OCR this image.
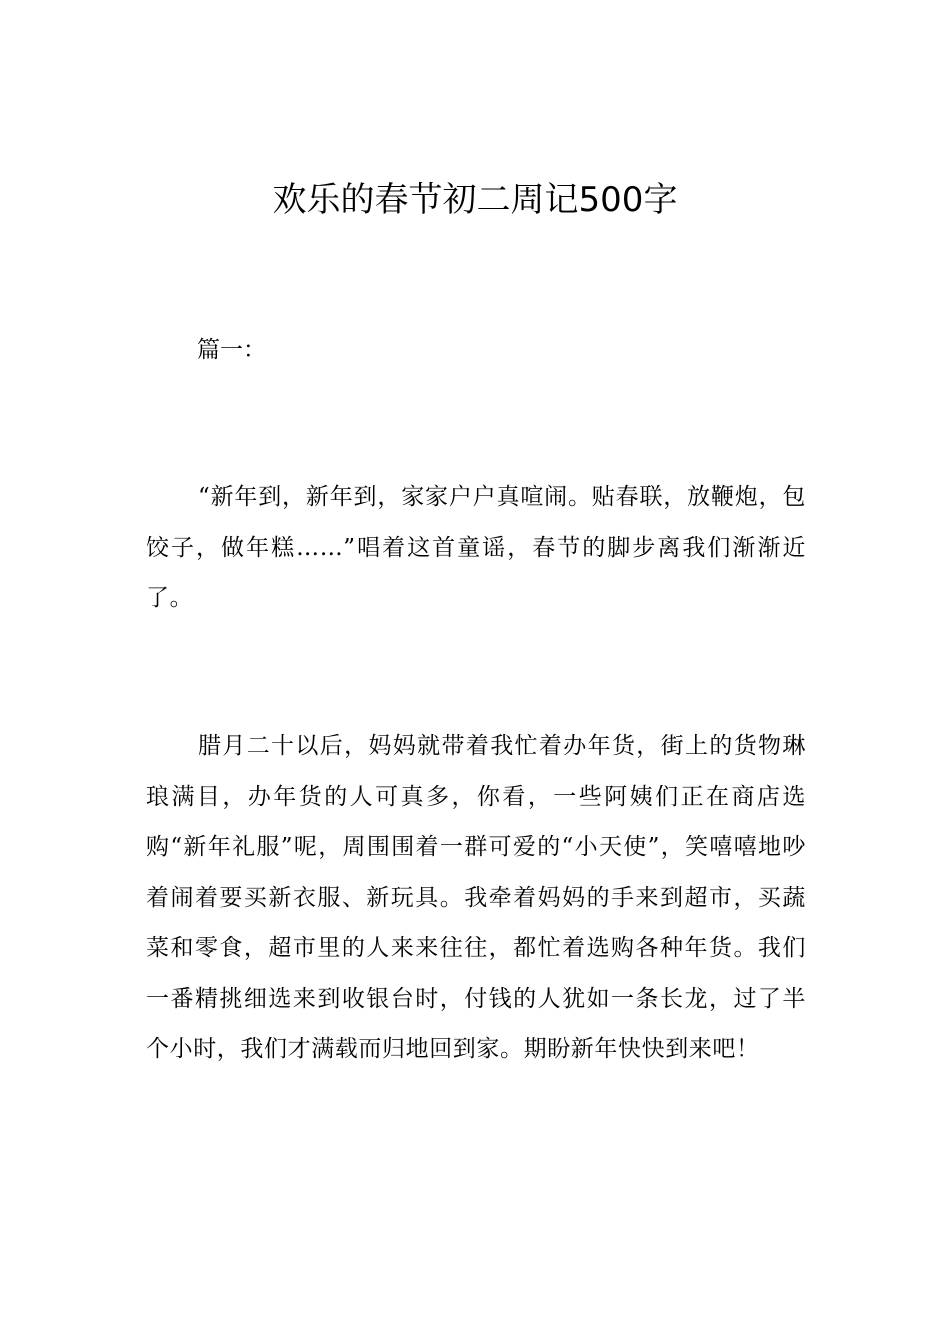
欢乐的春节初二周记500字

篇一：

“新年到，新年到，家家户户真喧闹。贴春联，放鞭炮，包饺子，做年糕……”唱着这首童谣，春节的脚步离我们渐渐近了。

腊月二十以后，妈妈就带着我忙着办年货，街上的货物琳琅满目，办年货的人可真多，你看，一些阿姨们正在商店选购“新年礼服”呢，周围围着一群可爱的“小天使”，笑嘻嘻地吵着闹着要买新衣服、新玩具。我牵着妈妈的手来到超市，买蔬菜和零食，超市里的人来来往往，都忙着选购各种年货。我们一番精挑细选来到收银台时，付钱的人犹如一条长龙，过了半个小时，我们才满载而归地回到家。期盼新年快快到来吧！
